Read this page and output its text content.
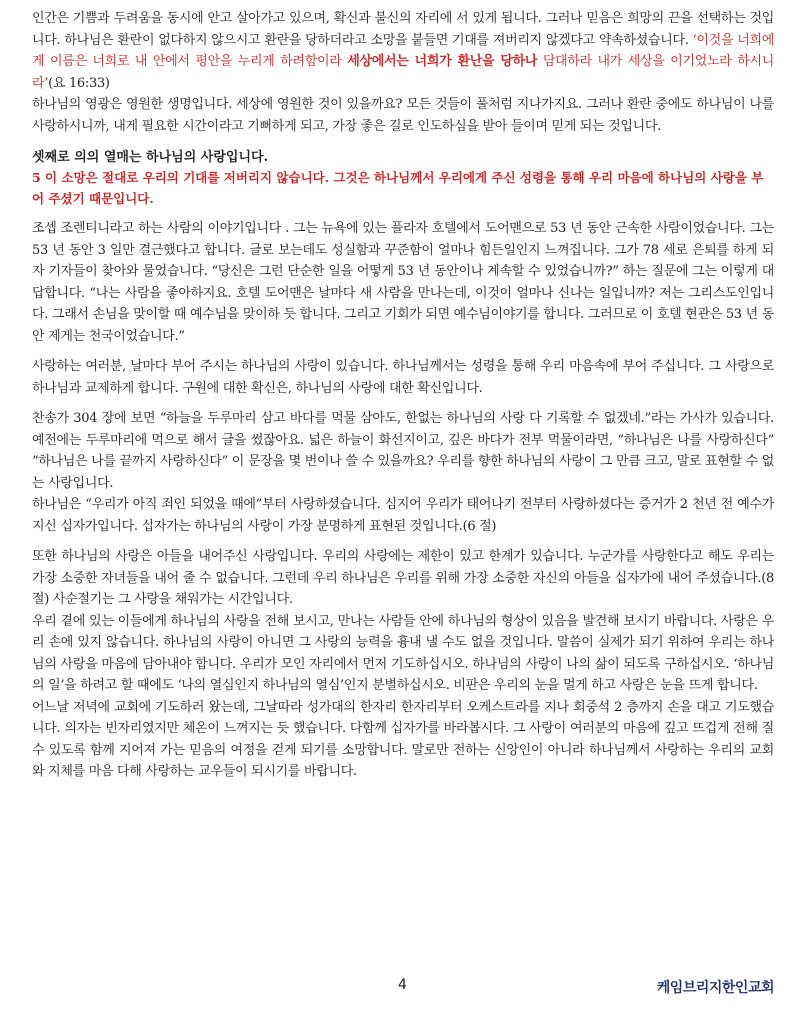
인간은 기쁨과 두려움을 동시에 안고 살아가고 있으며, 확신과 불신의 자리에 서 있게 됩니다. 그러나 믿음은 희망의 끈을 선택하는 것입니다. 하나님은 환란이 없다하지 않으시고 환란을 당하더라고 소망을 붙들면 기대를 져버리지 않겠다고 약속하셨습니다. ‘이것을 너희에게 이름은 너희로 내 안에서 평안을 누리게 하려함이라 세상에서는 너희가 환난을 당하나 담대하라 내가 세상을 이기었노라 하시니라’(요 16:33)

하나님의 영광은 영원한 생명입니다. 세상에 영원한 것이 있을까요? 모든 것들이 풀처럼 지나가지요. 그러나 환란 중에도 하나님이 나를 사랑하시니까, 내게 필요한 시간이라고 기뻐하게 되고, 가장 좋은 길로 인도하심을 받아 들이며 믿게 되는 것입니다.

셋째로 의의 열매는 하나님의 사랑입니다.
5 이 소망은 절대로 우리의 기대를 저버리지 않습니다. 그것은 하나님께서 우리에게 주신 성령을 통해 우리 마음에 하나님의 사랑을 부어 주셨기 때문입니다.

조셉 조렌티니라고 하는 사람의 이야기입니다 . 그는 뉴욕에 있는 플라자 호텔에서 도어맨으로 53 년 동안 근속한 사람이었습니다. 그는 53 년 동안 3 일만 결근했다고 합니다. 글로 보는데도 성실함과 꾸준함이 얼마나 힘든일인지 느껴집니다. 그가 78 세로 은퇴를 하게 되자 기자들이 찾아와 물었습니다. “당신은 그런 단순한 일을 어떻게 53 년 동안이나 계속할 수 있었습니까?” 하는 질문에 그는 이렇게 대답합니다. “나는 사람을 좋아하지요. 호텔 도어맨은 날마다 새 사람을 만나는데, 이것이 얼마나 신나는 일입니까? 저는 그리스도인입니다. 그래서 손님을 맞이할 때 예수님을 맞이하 듯 합니다. 그리고 기회가 되면 예수님이야기를 합니다. 그러므로 이 호텔 현관은 53 년 동안 제게는 천국이었습니다.”

사랑하는 여러분, 날마다 부어 주시는 하나님의 사랑이 있습니다. 하나님께서는 성령을 통해 우리 마음속에 부어 주십니다. 그 사랑으로 하나님과 교제하게 합니다. 구원에 대한 확신은, 하나님의 사랑에 대한 확신입니다.

찬송가 304 장에 보면 “하늘을 두루마리 삼고 바다를 먹물 삼아도, 한없는 하나님의 사랑 다 기록할 수 없겠네.”라는 가사가 있습니다. 예전에는 두루마리에 먹으로 해서 글을 썼잖아요. 넓은 하늘이 화선지이고, 깊은 바다가 전부 먹물이라면, “하나님은 나를 사랑하신다” “하나님은 나를 끝까지 사랑하신다” 이 문장을 몇 번이나 쓸 수 있을까요? 우리를 향한 하나님의 사랑이 그 만큼 크고, 말로 표현할 수 없는 사랑입니다.

하나님은 “우리가 아직 죄인 되었을 때에”부터 사랑하셨습니다. 심지어 우리가 태어나기 전부터 사랑하셨다는 증거가 2 천년 전 예수가 지신 십자가입니다. 십자가는 하나님의 사랑이 가장 분명하게 표현된 것입니다.(6 절)

또한 하나님의 사랑은 아들을 내어주신 사랑입니다. 우리의 사랑에는 제한이 있고 한계가 있습니다. 누군가를 사랑한다고 해도 우리는 가장 소중한 자녀들을 내어 줄 수 없습니다. 그런데 우리 하나님은 우리를 위해 가장 소중한 자신의 아들을 십자가에 내어 주셨습니다.(8 절) 사순절기는 그 사랑을 채워가는 시간입니다.

우리 곁에 있는 이들에게 하나님의 사랑을 전해 보시고, 만나는 사람들 안에 하나님의 형상이 있음을 발견해 보시기 바랍니다. 사랑은 우리 손에 있지 않습니다. 하나님의 사랑이 아니면 그 사랑의 능력을 흉내 낼 수도 없을 것입니다. 말씀이 실제가 되기 위하여 우리는 하나님의 사랑을 마음에 담아내야 합니다. 우리가 모인 자리에서 먼저 기도하십시오. 하나님의 사랑이 나의 삶이 되도록 구하십시오. ‘하나님의 일’을 하려고 할 때에도 ‘나의 열심인지 하나님의 열심’인지 분별하십시오. 비판은 우리의 눈을 멀게 하고 사랑은 눈을 뜨게 합니다.

어느날 저녁에 교회에 기도하러 왔는데, 그날따라 성가대의 한자리 한자리부터 오케스트라를 지나 회중석 2 층까지 손을 대고 기도했습니다. 의자는 빈자리였지만 체온이 느껴지는 듯 했습니다. 다함께 십자가를 바라봅시다. 그 사랑이 여러분의 마음에 깊고 뜨겁게 전해 질 수 있도록 함께 지어져 가는 믿음의 여정을 걷게 되기를 소망합니다. 말로만 전하는 신앙인이 아니라 하나님께서 사랑하는 우리의 교회와 지체를 마음 다해 사랑하는 교우들이 되시기를 바랍니다.

4	케임브리지한인교회
